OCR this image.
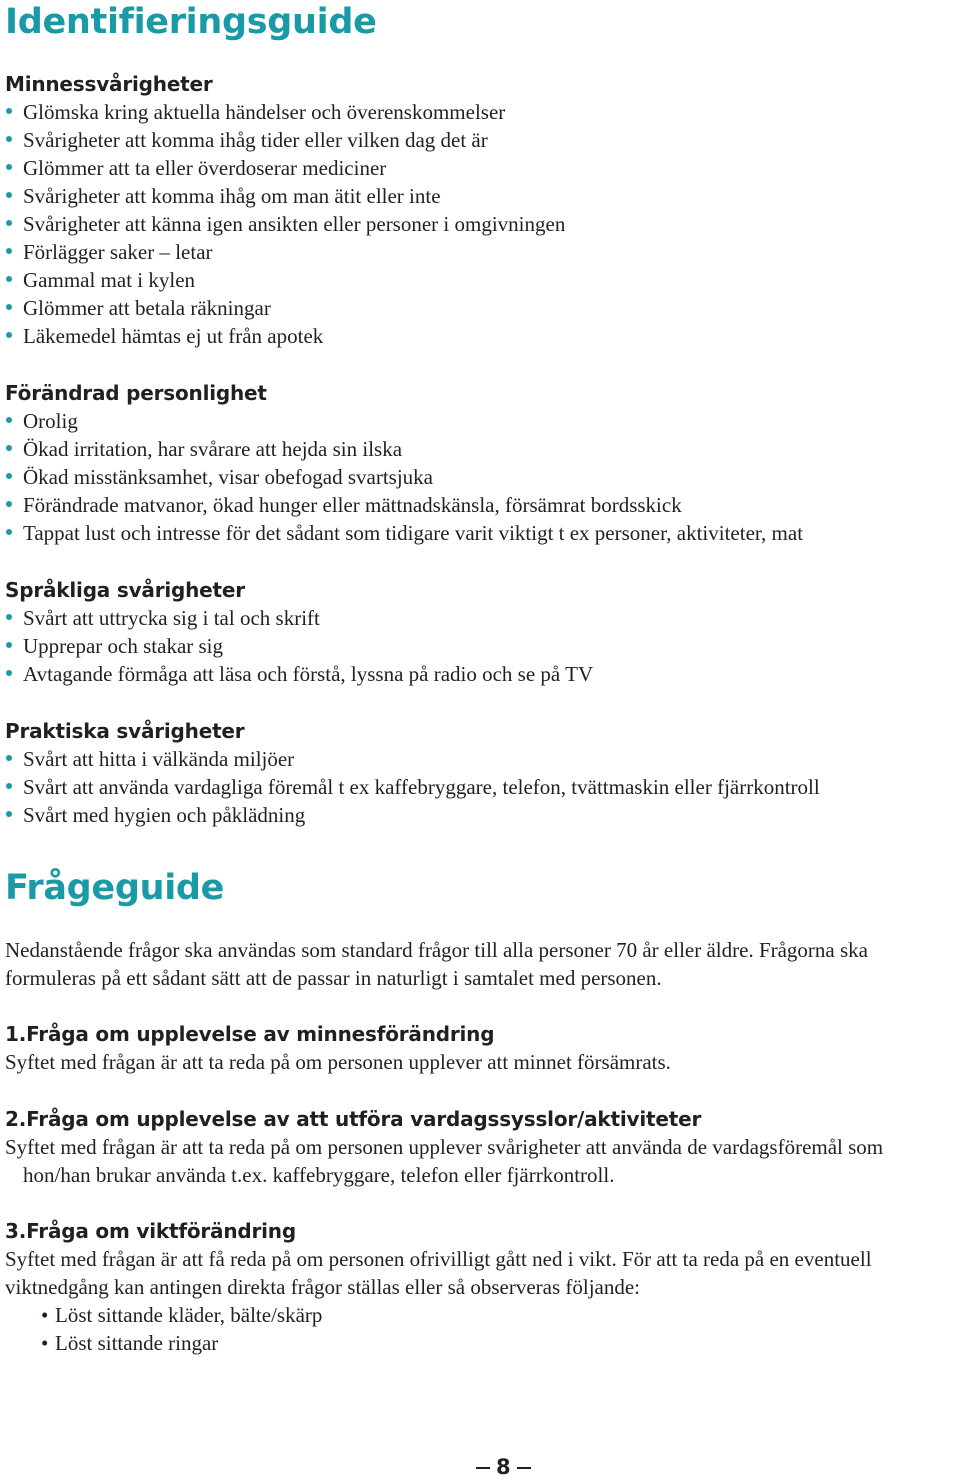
Identifieringsguide
Minnessvårigheter
Glömska kring aktuella händelser och överenskommelser
Svårigheter att komma ihåg tider eller vilken dag det är
Glömmer att ta eller överdoserar mediciner
Svårigheter att komma ihåg om man ätit eller inte
Svårigheter att känna igen ansikten eller personer i omgivningen
Förlägger saker – letar
Gammal mat i kylen
Glömmer att betala räkningar
Läkemedel hämtas ej ut från apotek
Förändrad personlighet
Orolig
Ökad irritation, har svårare att hejda sin ilska
Ökad misstänksamhet, visar obefogad svartsjuka
Förändrade matvanor, ökad hunger eller mättnadskänsla, försämrat bordsskick
Tappat lust och intresse för det sådant som tidigare varit viktigt t ex personer, aktiviteter, mat
Språkliga svårigheter
Svårt att uttrycka sig i tal och skrift
Upprepar och stakar sig
Avtagande förmåga att läsa och förstå, lyssna på radio och se på TV
Praktiska svårigheter
Svårt att hitta i välkända miljöer
Svårt att använda vardagliga föremål t ex kaffebryggare, telefon, tvättmaskin eller fjärrkontroll
Svårt med hygien och påklädning
Frågeguide

Nedanstående frågor ska användas som standard frågor till alla personer 70 år eller äldre. Frågorna ska formuleras på ett sådant sätt att de passar in naturligt i samtalet med personen.

1.Fråga om upplevelse av minnesförändring

Syftet med frågan är att ta reda på om personen upplever att minnet försämrats.

2.Fråga om upplevelse av att utföra vardagssysslor/aktiviteter

Syftet med frågan är att ta reda på om personen upplever svårigheter att använda de vardagsföremål som hon/han brukar använda t.ex. kaffebryggare, telefon eller fjärrkontroll.

3.Fråga om viktförändring

Syftet med frågan är att få reda på om personen ofrivilligt gått ned i vikt. För att ta reda på en eventuell viktnedgång kan antingen direkta frågor ställas eller så observeras följande:

• Löst sittande kläder, bälte/skärp
• Löst sittande ringar
8
